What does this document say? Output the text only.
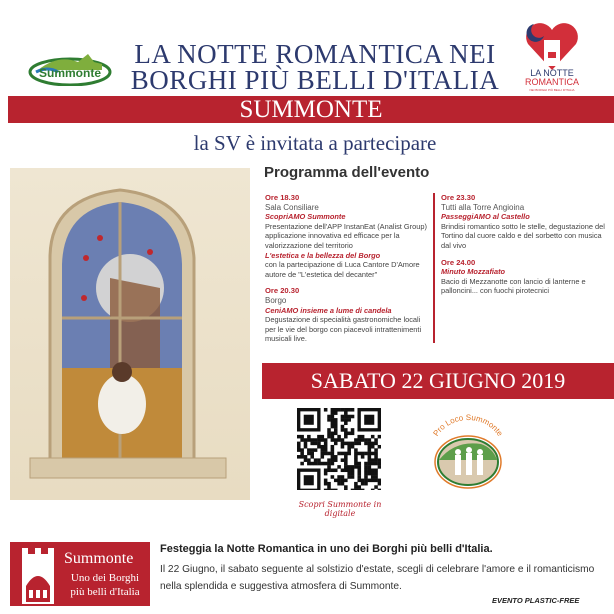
Summonte	LA NOTTE
ROMANTICA
NEI BORGHI PIÙ BELLI D'ITALIA
LA NOTTE ROMANTICA NEI
BORGHI PIÙ BELLI D'ITALIA
SUMMONTE
la SV è invitata a partecipare
Programma dell'evento
Ore 18.30
Sala Consiliare
ScopriAMO Summonte
Presentazione dell'APP InstanEat (Analist Group) applicazione innovativa ed efficace per la valorizzazione del territorio
L'estetica e la bellezza del Borgo
con la partecipazione di Luca Cantore D'Amore autore de "L'estetica del decanter"
Ore 20.30
Borgo
CeniAMO insieme a lume di candela
Degustazione di specialità gastronomiche locali per le vie del borgo con piacevoli intrattenimenti musicali live.
Ore 23.30
Tutti alla Torre Angioina
PasseggiAMO al Castello
Brindisi romantico sotto le stelle, degustazione del Tortino dal cuore caldo e del sorbetto con musica dal vivo
Ore 24.00
Minuto Mozzafiato
Bacio di Mezzanotte con lancio di lanterne e palloncini... con fuochi pirotecnici
SABATO 22 GIUGNO 2019
Scopri Summonte in digitale
Pro Loco Summonte
Summonte
Uno dei Borghi
più belli d'Italia
Festeggia la Notte Romantica in uno dei Borghi più belli d'Italia.
Il 22 Giugno, il sabato seguente al solstizio d'estate, scegli di celebrare l'amore e il romanticismo nella splendida e suggestiva atmosfera di Summonte.
EVENTO PLASTIC-FREE
